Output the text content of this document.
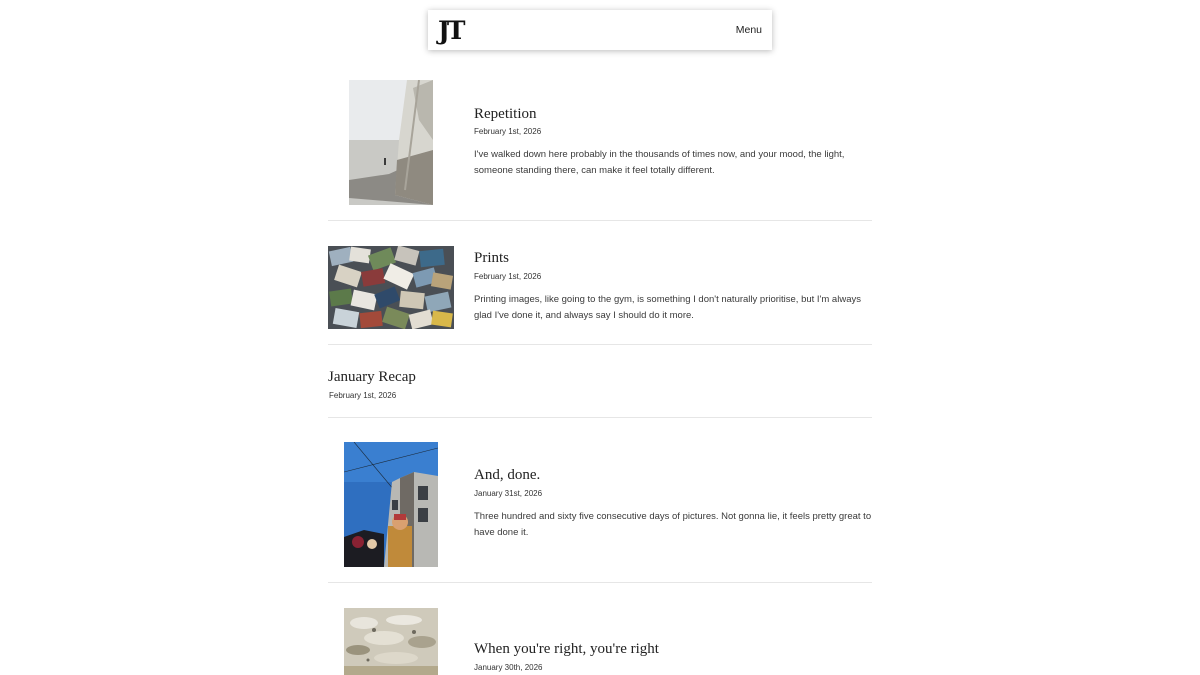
JT	Menu
Repetition
February 1st, 2026

I've walked down here probably in the thousands of times now, and your mood, the light, someone standing there, can make it feel totally different.

Prints
February 1st, 2026

Printing images, like going to the gym, is something I don't naturally prioritise, but I'm always glad I've done it, and always say I should do it more.

January Recap
February 1st, 2026
And, done.
January 31st, 2026

Three hundred and sixty five consecutive days of pictures. Not gonna lie, it feels pretty great to have done it.

When you're right, you're right
January 30th, 2026
